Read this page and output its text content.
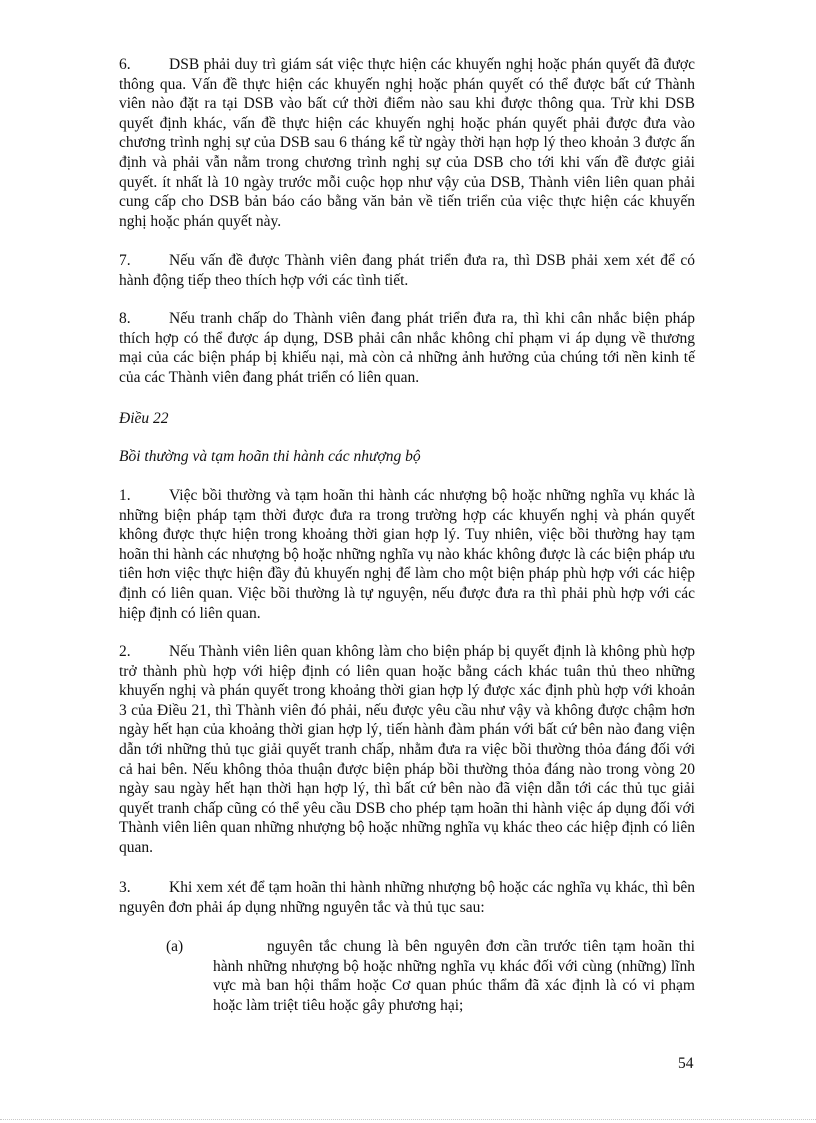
6. DSB phải duy trì giám sát việc thực hiện các khuyến nghị hoặc phán quyết đã được thông qua. Vấn đề thực hiện các khuyến nghị hoặc phán quyết có thể được bất cứ Thành viên nào đặt ra tại DSB vào bất cứ thời điểm nào sau khi được thông qua. Trừ khi DSB quyết định khác, vấn đề thực hiện các khuyến nghị hoặc phán quyết phải được đưa vào chương trình nghị sự của DSB sau 6 tháng kể từ ngày thời hạn hợp lý theo khoản 3 được ấn định và phải vẫn nằm trong chương trình nghị sự của DSB cho tới khi vấn đề được giải quyết. ít nhất là 10 ngày trước mỗi cuộc họp như vậy của DSB, Thành viên liên quan phải cung cấp cho DSB bản báo cáo bằng văn bản về tiến triển của việc thực hiện các khuyến nghị hoặc phán quyết này.

7. Nếu vấn đề được Thành viên đang phát triển đưa ra, thì DSB phải xem xét để có hành động tiếp theo thích hợp với các tình tiết.

8. Nếu tranh chấp do Thành viên đang phát triển đưa ra, thì khi cân nhắc biện pháp thích hợp có thể được áp dụng, DSB phải cân nhắc không chỉ phạm vi áp dụng về thương mại của các biện pháp bị khiếu nại, mà còn cả những ảnh hưởng của chúng tới nền kinh tế của các Thành viên đang phát triển có liên quan.

Điều 22

Bồi thường và tạm hoãn thi hành các nhượng bộ

1. Việc bồi thường và tạm hoãn thi hành các nhượng bộ hoặc những nghĩa vụ khác là những biện pháp tạm thời được đưa ra trong trường hợp các khuyến nghị và phán quyết không được thực hiện trong khoảng thời gian hợp lý. Tuy nhiên, việc bồi thường hay tạm hoãn thi hành các nhượng bộ hoặc những nghĩa vụ nào khác không được là các biện pháp ưu tiên hơn việc thực hiện đầy đủ khuyến nghị để làm cho một biện pháp phù hợp với các hiệp định có liên quan. Việc bồi thường là tự nguyện, nếu được đưa ra thì phải phù hợp với các hiệp định có liên quan.

2. Nếu Thành viên liên quan không làm cho biện pháp bị quyết định là không phù hợp trở thành phù hợp với hiệp định có liên quan hoặc bằng cách khác tuân thủ theo những khuyến nghị và phán quyết trong khoảng thời gian hợp lý được xác định phù hợp với khoản 3 của Điều 21, thì Thành viên đó phải, nếu được yêu cầu như vậy và không được chậm hơn ngày hết hạn của khoảng thời gian hợp lý, tiến hành đàm phán với bất cứ bên nào đang viện dẫn tới những thủ tục giải quyết tranh chấp, nhằm đưa ra việc bồi thường thỏa đáng đối với cả hai bên. Nếu không thỏa thuận được biện pháp bồi thường thỏa đáng nào trong vòng 20 ngày sau ngày hết hạn thời hạn hợp lý, thì bất cứ bên nào đã viện dẫn tới các thủ tục giải quyết tranh chấp cũng có thể yêu cầu DSB cho phép tạm hoãn thi hành việc áp dụng đối với Thành viên liên quan những nhượng bộ hoặc những nghĩa vụ khác theo các hiệp định có liên quan.

3. Khi xem xét để tạm hoãn thi hành những nhượng bộ hoặc các nghĩa vụ khác, thì bên nguyên đơn phải áp dụng những nguyên tắc và thủ tục sau:

(a)	nguyên tắc chung là bên nguyên đơn cần trước tiên tạm hoãn thi hành những nhượng bộ hoặc những nghĩa vụ khác đối với cùng (những) lĩnh vực mà ban hội thẩm hoặc Cơ quan phúc thẩm đã xác định là có vi phạm hoặc làm triệt tiêu hoặc gây phương hại;

54
